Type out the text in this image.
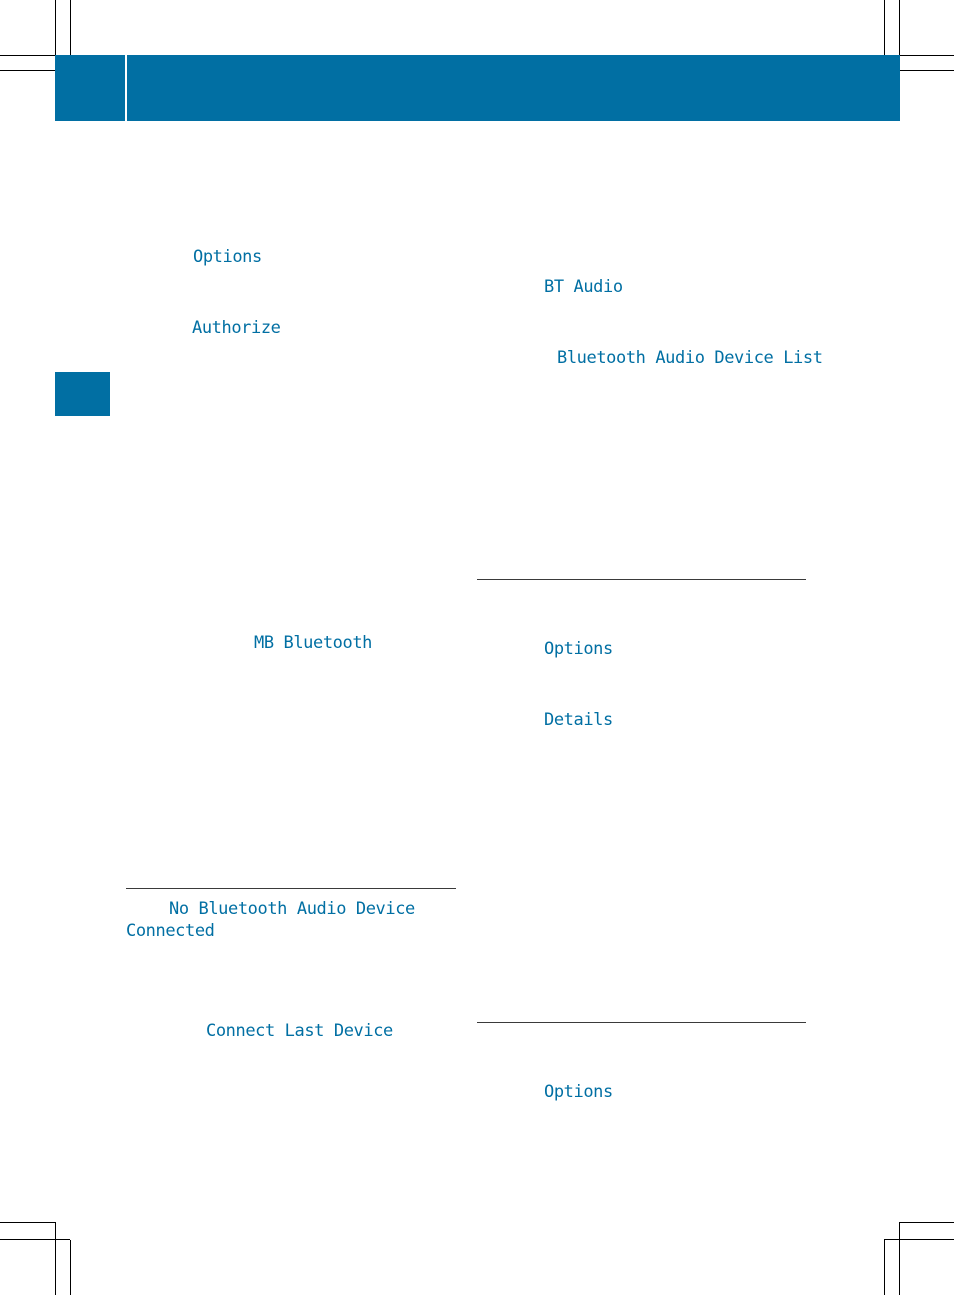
Options
Authorize
MB Bluetooth
No Bluetooth Audio Device
Connected
Connect Last Device
BT Audio
Bluetooth Audio Device List
Options
Details
Options
